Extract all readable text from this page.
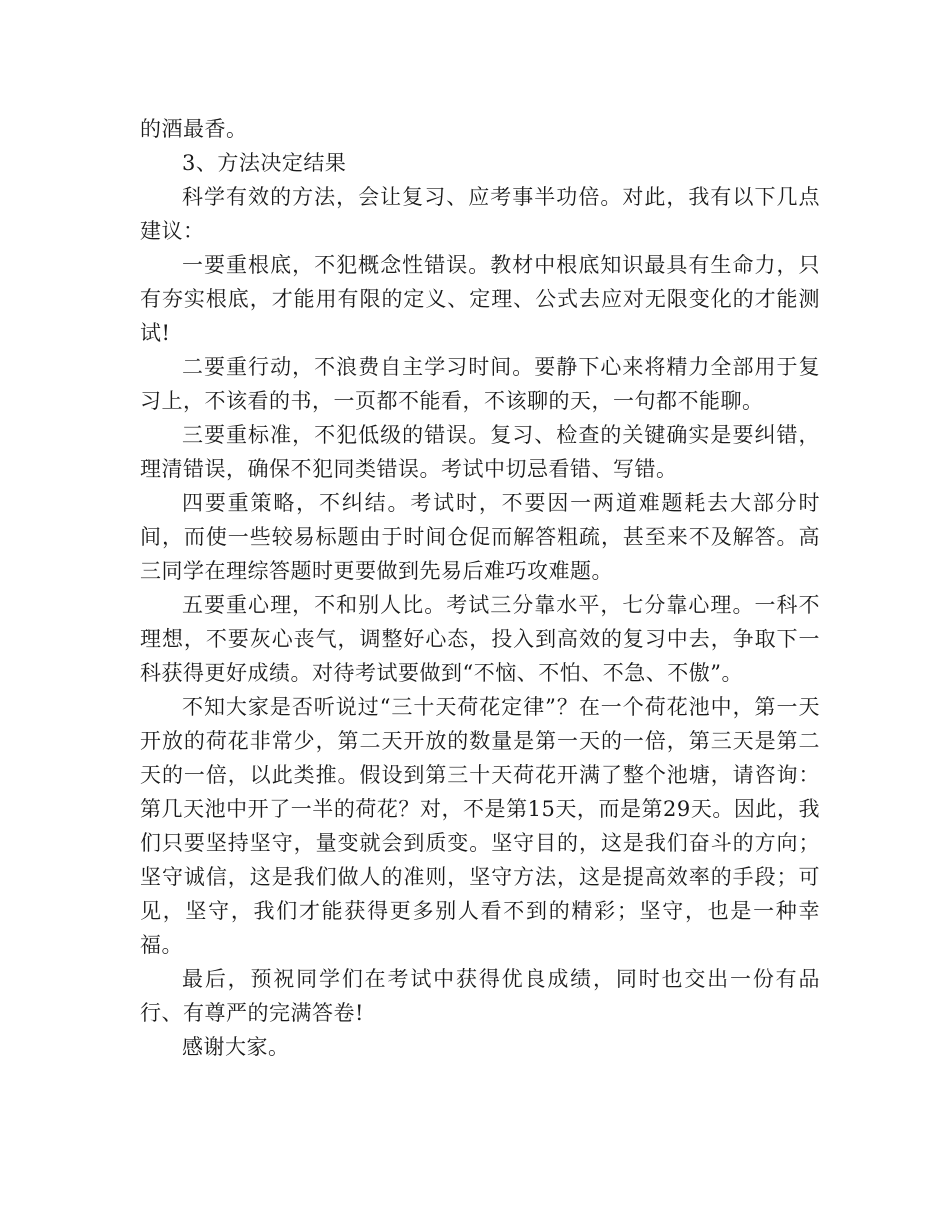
的酒最香。

3、方法决定结果

科学有效的方法，会让复习、应考事半功倍。对此，我有以下几点建议：

一要重根底，不犯概念性错误。教材中根底知识最具有生命力，只有夯实根底，才能用有限的定义、定理、公式去应对无限变化的才能测试!

二要重行动，不浪费自主学习时间。要静下心来将精力全部用于复习上，不该看的书，一页都不能看，不该聊的天，一句都不能聊。

三要重标准，不犯低级的错误。复习、检查的关键确实是要纠错，理清错误，确保不犯同类错误。考试中切忌看错、写错。

四要重策略，不纠结。考试时，不要因一两道难题耗去大部分时间，而使一些较易标题由于时间仓促而解答粗疏，甚至来不及解答。高三同学在理综答题时更要做到先易后难巧攻难题。

五要重心理，不和别人比。考试三分靠水平，七分靠心理。一科不理想，不要灰心丧气，调整好心态，投入到高效的复习中去，争取下一科获得更好成绩。对待考试要做到“不恼、不怕、不急、不傲”。

不知大家是否听说过“三十天荷花定律”？在一个荷花池中，第一天开放的荷花非常少，第二天开放的数量是第一天的一倍，第三天是第二天的一倍，以此类推。假设到第三十天荷花开满了整个池塘，请咨询：第几天池中开了一半的荷花？对，不是第15天，而是第29天。因此，我们只要坚持坚守，量变就会到质变。坚守目的，这是我们奋斗的方向；坚守诚信，这是我们做人的准则，坚守方法，这是提高效率的手段；可见，坚守，我们才能获得更多别人看不到的精彩；坚守，也是一种幸福。

最后，预祝同学们在考试中获得优良成绩，同时也交出一份有品行、有尊严的完满答卷!

感谢大家。
